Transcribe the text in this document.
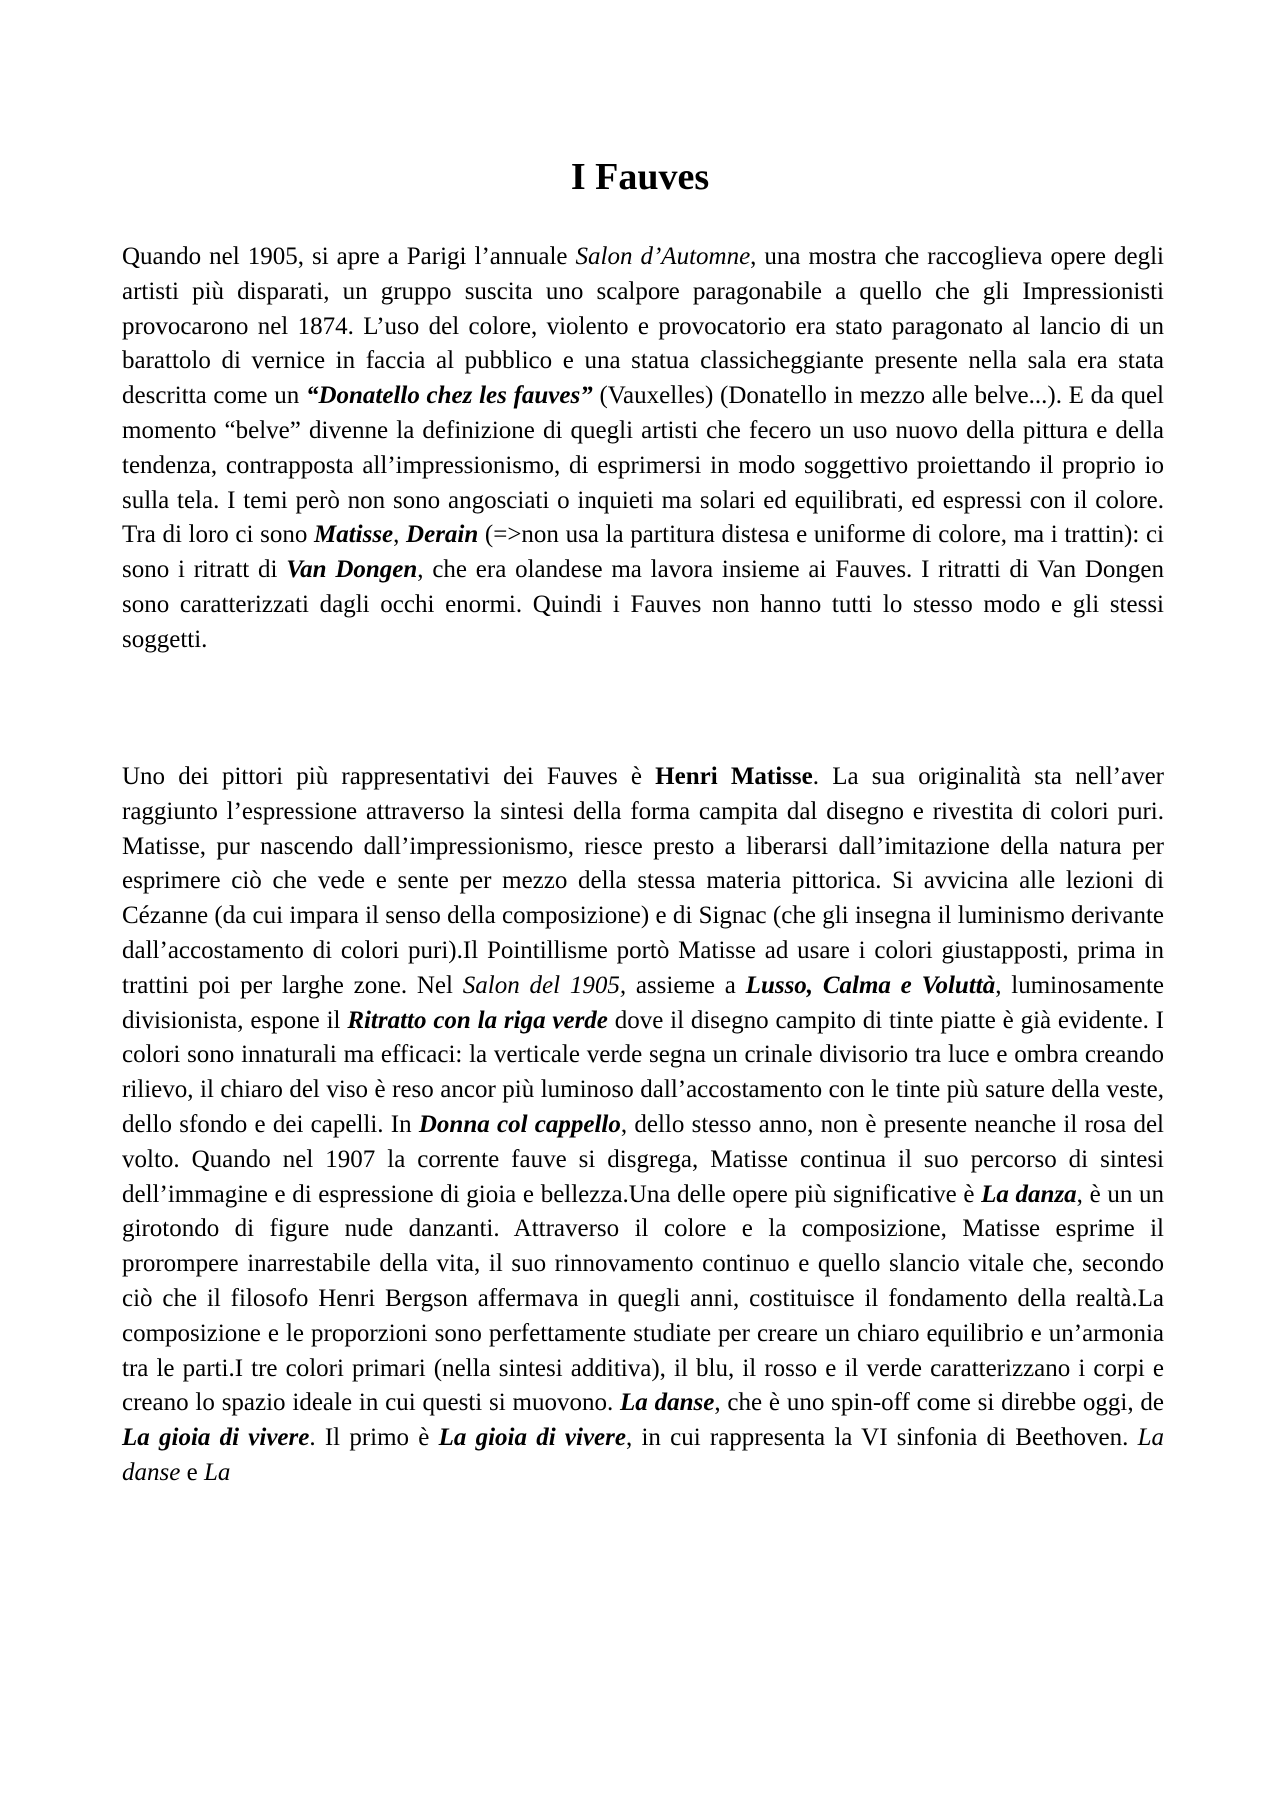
I Fauves

Quando nel 1905, si apre a Parigi l’annuale Salon d’Automne, una mostra che raccoglieva opere degli artisti più disparati, un gruppo suscita uno scalpore paragonabile a quello che gli Impressionisti provocarono nel 1874. L’uso del colore, violento e provocatorio era stato paragonato al lancio di un barattolo di vernice in faccia al pubblico e una statua classicheggiante presente nella sala era stata descritta come un “Donatello chez les fauves” (Vauxelles) (Donatello in mezzo alle belve...). E da quel momento “belve” divenne la definizione di quegli artisti che fecero un uso nuovo della pittura e della tendenza, contrapposta all’impressionismo, di esprimersi in modo soggettivo proiettando il proprio io sulla tela. I temi però non sono angosciati o inquieti ma solari ed equilibrati, ed espressi con il colore. Tra di loro ci sono Matisse, Derain (=>non usa la partitura distesa e uniforme di colore, ma i trattin): ci sono i ritratt di Van Dongen, che era olandese ma lavora insieme ai Fauves. I ritratti di Van Dongen sono caratterizzati dagli occhi enormi. Quindi i Fauves non hanno tutti lo stesso modo e gli stessi soggetti.

Uno dei pittori più rappresentativi dei Fauves è Henri Matisse. La sua originalità sta nell’aver raggiunto l’espressione attraverso la sintesi della forma campita dal disegno e rivestita di colori puri. Matisse, pur nascendo dall’impressionismo, riesce presto a liberarsi dall’imitazione della natura per esprimere ciò che vede e sente per mezzo della stessa materia pittorica. Si avvicina alle lezioni di Cézanne (da cui impara il senso della composizione) e di Signac (che gli insegna il luminismo derivante dall’accostamento di colori puri).Il Pointillisme portò Matisse ad usare i colori giustapposti, prima in trattini poi per larghe zone. Nel Salon del 1905, assieme a Lusso, Calma e Voluttà, luminosamente divisionista, espone il Ritratto con la riga verde dove il disegno campito di tinte piatte è già evidente. I colori sono innaturali ma efficaci: la verticale verde segna un crinale divisorio tra luce e ombra creando rilievo, il chiaro del viso è reso ancor più luminoso dall’accostamento con le tinte più sature della veste, dello sfondo e dei capelli. In Donna col cappello, dello stesso anno, non è presente neanche il rosa del volto. Quando nel 1907 la corrente fauve si disgrega, Matisse continua il suo percorso di sintesi dell’immagine e di espressione di gioia e bellezza.Una delle opere più significative è La danza, è un un girotondo di figure nude danzanti. Attraverso il colore e la composizione, Matisse esprime il prorompere inarrestabile della vita, il suo rinnovamento continuo e quello slancio vitale che, secondo ciò che il filosofo Henri Bergson affermava in quegli anni, costituisce il fondamento della realtà.La composizione e le proporzioni sono perfettamente studiate per creare un chiaro equilibrio e un’armonia tra le parti.I tre colori primari (nella sintesi additiva), il blu, il rosso e il verde caratterizzano i corpi e creano lo spazio ideale in cui questi si muovono. La danse, che è uno spin-off come si direbbe oggi, de La gioia di vivere. Il primo è La gioia di vivere, in cui rappresenta la VI sinfonia di Beethoven. La danse e La
